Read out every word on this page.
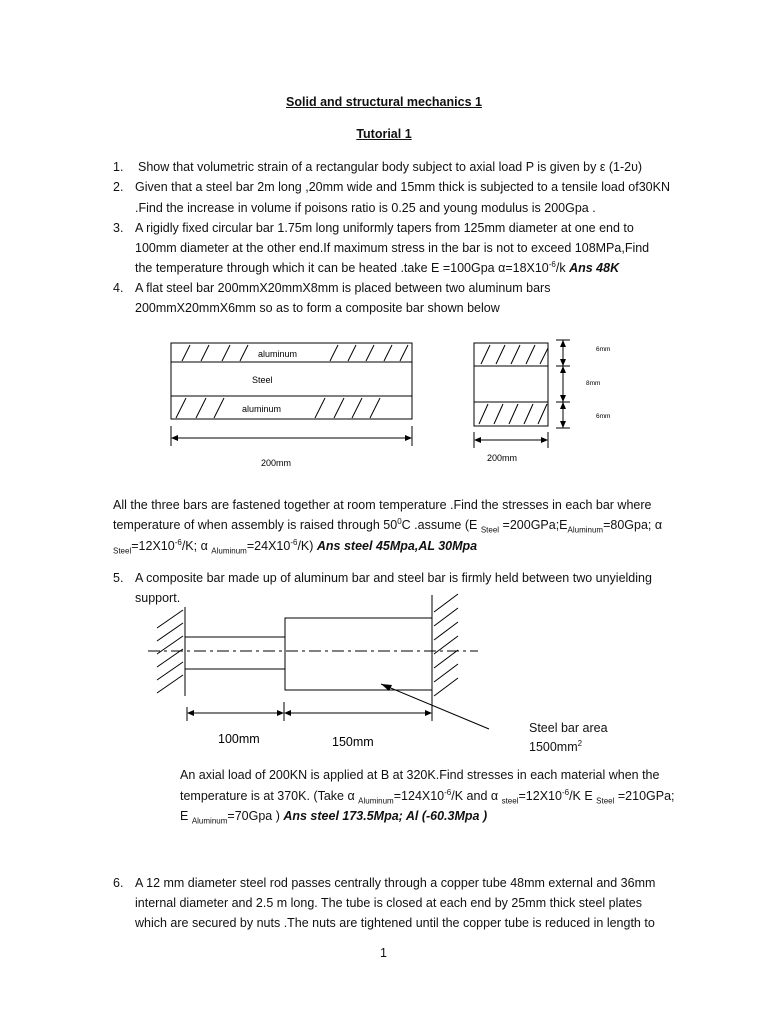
Solid and structural mechanics 1
Tutorial 1
1. Show that volumetric strain of a rectangular body subject to axial load P is given by ε (1-2υ)
2. Given that a steel bar 2m long ,20mm wide and 15mm thick is subjected to a tensile load of30KN
.Find the increase in volume if poisons ratio is 0.25 and young modulus is 200Gpa .
3. A rigidly fixed circular bar 1.75m long uniformly tapers from 125mm diameter at one end to
100mm diameter at the other end.If maximum stress in the bar is not to exceed 108MPa,Find
the temperature through which it can be heated .take E =100Gpa $\alpha=18X10^{-6}/k$ Ans 48K
4. A flat steel bar 200mmX20mmX8mm is placed between two aluminum bars
200mmX20mmX6mm so as to form a composite bar shown below
aluminum
Steel
aluminum
200mm
6mm
8mm
6mm
200mm
All the three bars are fastened together at room temperature .Find the stresses in each bar where
temperature of when assembly is raised through $50^0C$ .assume (E $_{Steel} =200GPa;E_{Aluminum}=80Gpa$; α
$_{Steel}=12X10^{-6}/K$; α $_{Aluminum}=24X10^{-6}/K$) Ans steel 45Mpa,AL 30Mpa
5. A composite bar made up of aluminum bar and steel bar is firmly held between two unyielding
support.
100mm	150mm
Steel bar area
$1500mm^2$
An axial load of 200KN is applied at B at 320K.Find stresses in each material when the
temperature is at 370K. (Take α $_{Aluminum}=124X10^{-6}/K$ and α $_{steel}=12X10^{-6}/K$ E $_{Steel}$ =210GPa;
E $_{Aluminum}$=70Gpa ) Ans steel 173.5Mpa; Al (-60.3Mpa )
6. A 12 mm diameter steel rod passes centrally through a copper tube 48mm external and 36mm
internal diameter and 2.5 m long. The tube is closed at each end by 25mm thick steel plates
which are secured by nuts .The nuts are tightened until the copper tube is reduced in length to
1
